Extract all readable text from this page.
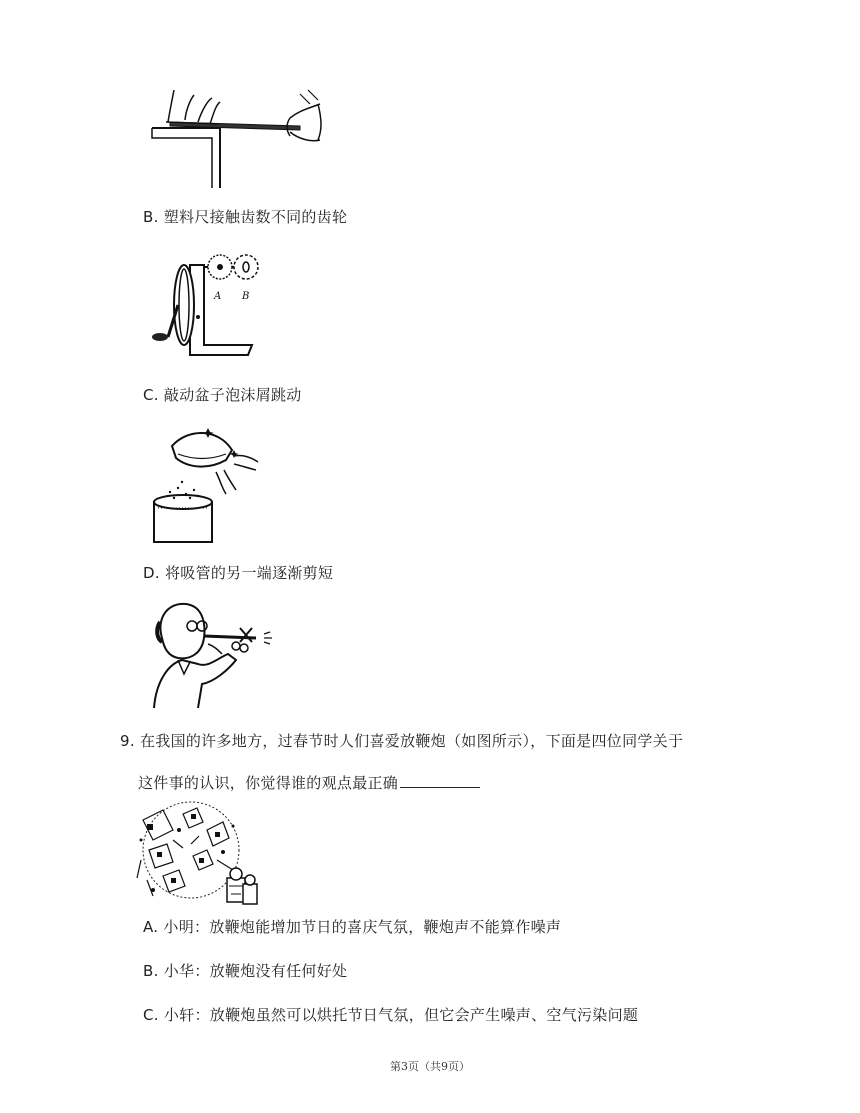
B. 塑料尺接触齿数不同的齿轮
A B
C. 敲动盆子泡沫屑跳动
D. 将吸管的另一端逐渐剪短
9. 在我国的许多地方，过春节时人们喜爱放鞭炮（如图所示），下面是四位同学关于
这件事的认识，你觉得谁的观点最正确
A. 小明：放鞭炮能增加节日的喜庆气氛，鞭炮声不能算作噪声
B. 小华：放鞭炮没有任何好处
C. 小轩：放鞭炮虽然可以烘托节日气氛，但它会产生噪声、空气污染问题
第3页（共9页）
